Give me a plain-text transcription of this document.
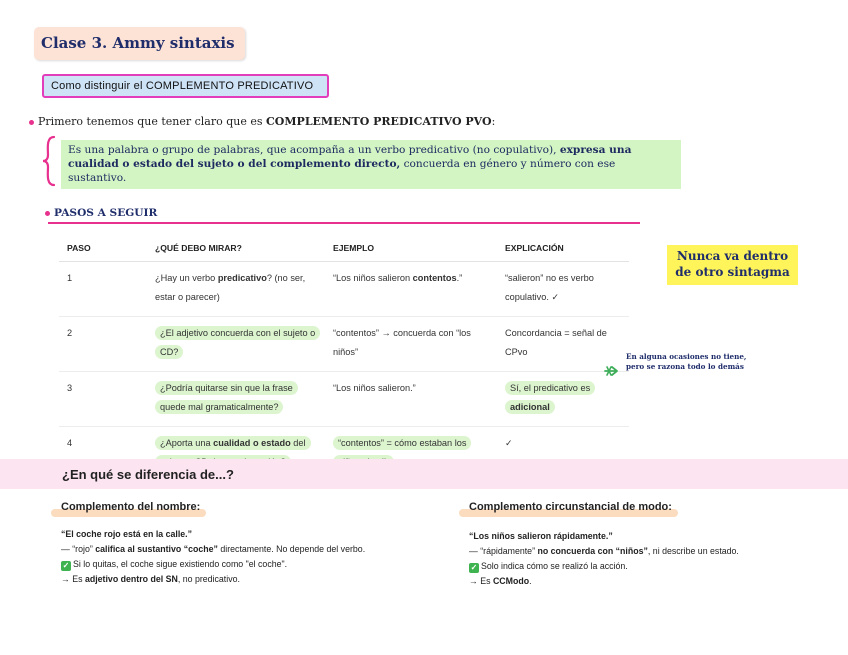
Clase 3. Ammy sintaxis
Como distinguir el COMPLEMENTO PREDICATIVO
Primero tenemos que tener claro que es COMPLEMENTO PREDICATIVO PVO:
Es una palabra o grupo de palabras, que acompaña a un verbo predicativo (no copulativo), expresa una cualidad o estado del sujeto o del complemento directo, concuerda en género y número con ese sustantivo.
PASOS A SEGUIR
PASO	¿QUÉ DEBO MIRAR?	EJEMPLO	EXPLICACIÓN
1	¿Hay un verbo predicativo? (no ser, estar o parecer)	“Los niños salieron contentos.”	“salieron” no es verbo copulativo. ✓
2	¿El adjetivo concuerda con el sujeto o CD?	“contentos” → concuerda con “los niños”	Concordancia = señal de CPvo
3	¿Podría quitarse sin que la frase quede mal gramaticalmente?	“Los niños salieron.”	Sí, el predicativo es adicional
4	¿Aporta una cualidad o estado del	“contentos” = cómo estaban los	✓
Nunca va dentro
de otro sintagma
En alguna ocasiones no tiene,
pero se razona todo lo demás
¿En qué se diferencia de...?
Complemento del nombre:

“El coche rojo está en la calle.”

— “rojo” califica al sustantivo “coche” directamente. No depende del verbo.

✓ Si lo quitas, el coche sigue existiendo como "el coche".

→ Es adjetivo dentro del SN, no predicativo.

Complemento circunstancial de modo:

“Los niños salieron rápidamente.”

— “rápidamente” no concuerda con “niños”, ni describe un estado.

✓ Solo indica cómo se realizó la acción.

→ Es CCModo.
